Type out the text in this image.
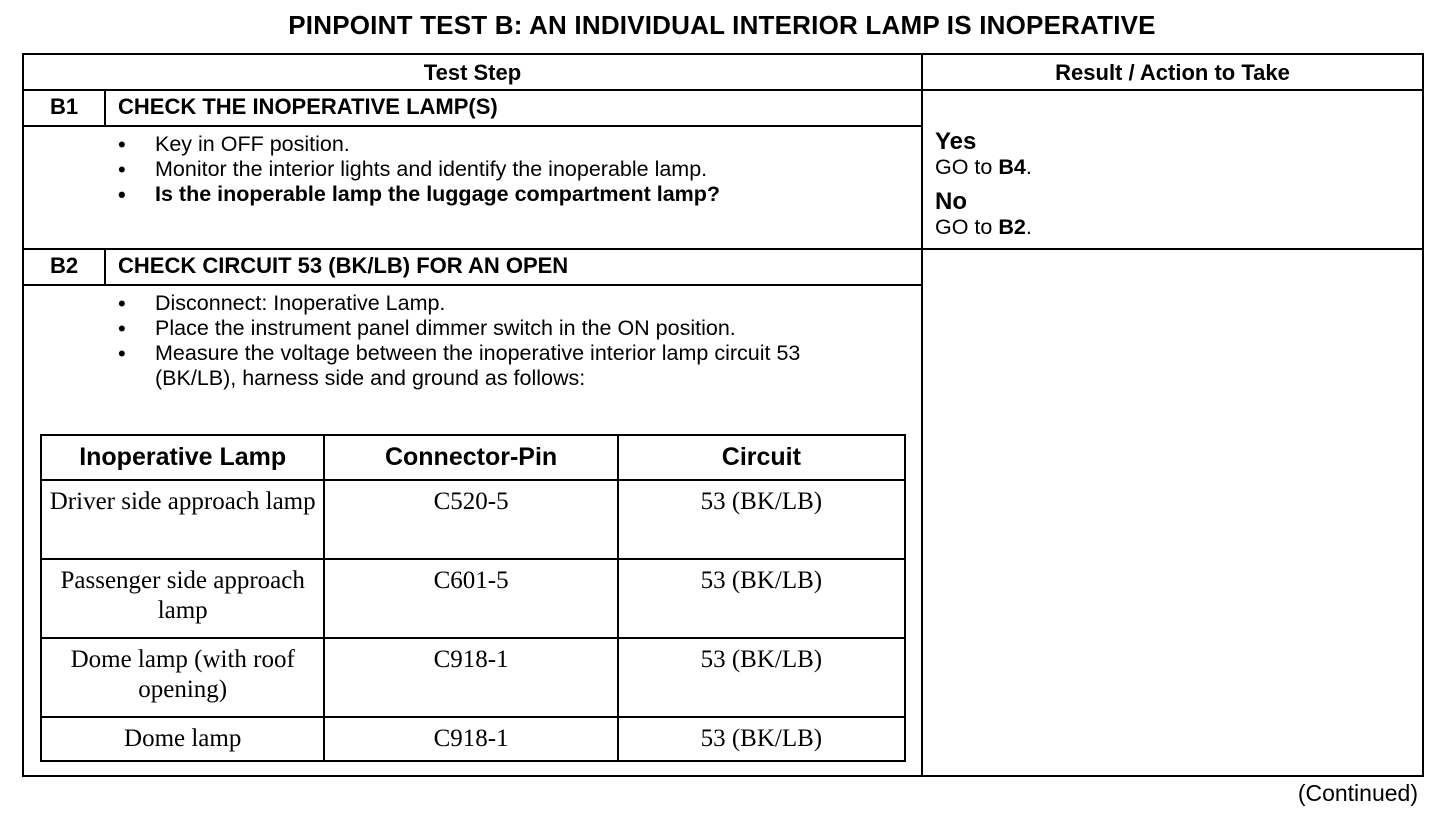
PINPOINT TEST B: AN INDIVIDUAL INTERIOR LAMP IS INOPERATIVE
Test Step	Result / Action to Take
B1	CHECK THE INOPERATIVE LAMP(S)
• Key in OFF position.
• Monitor the interior lights and identify the inoperable lamp.
• Is the inoperable lamp the luggage compartment lamp?
Yes
GO to B4.
No
GO to B2.
B2	CHECK CIRCUIT 53 (BK/LB) FOR AN OPEN
• Disconnect: Inoperative Lamp.
• Place the instrument panel dimmer switch in the ON position.
• Measure the voltage between the inoperative interior lamp circuit 53 (BK/LB), harness side and ground as follows:
Inoperative Lamp	Connector-Pin	Circuit
Driver side approach lamp	C520-5	53 (BK/LB)
Passenger side approach lamp	C601-5	53 (BK/LB)
Dome lamp (with roof opening)	C918-1	53 (BK/LB)
Dome lamp	C918-1	53 (BK/LB)
(Continued)
